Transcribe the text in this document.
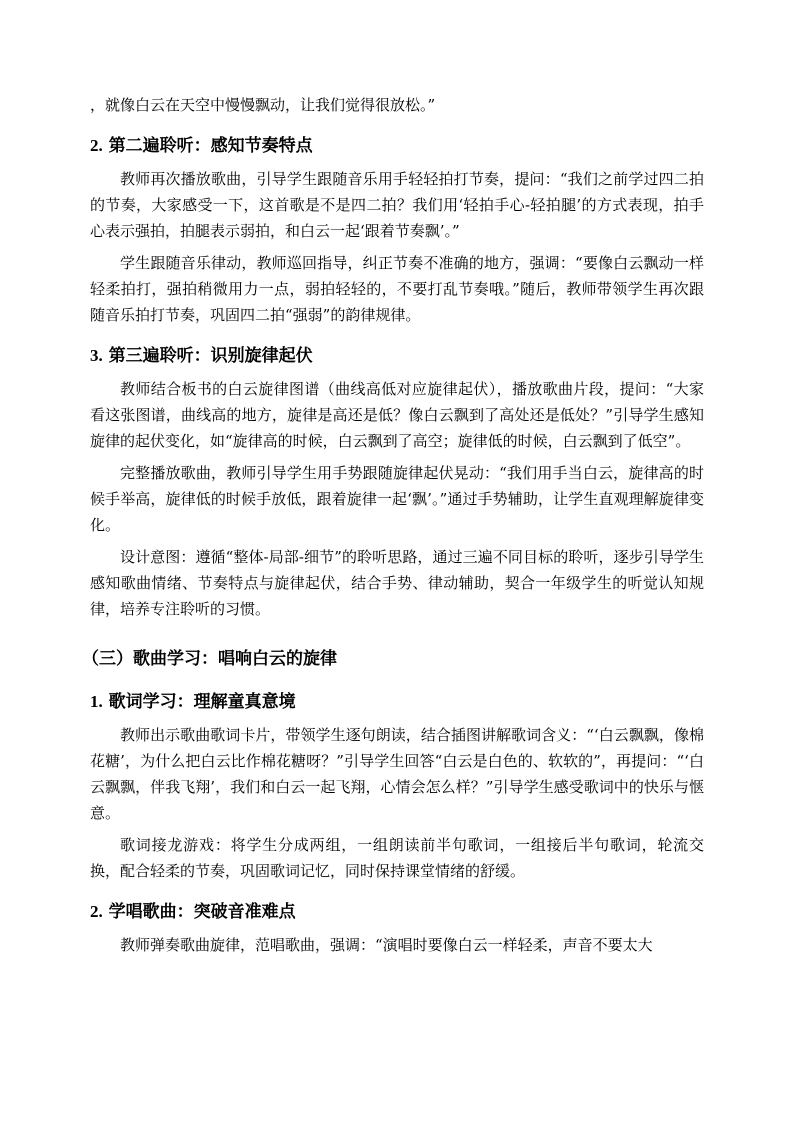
，就像白云在天空中慢慢飘动，让我们觉得很放松。”

2. 第二遍聆听：感知节奏特点

教师再次播放歌曲，引导学生跟随音乐用手轻轻拍打节奏，提问：“我们之前学过四二拍的节奏，大家感受一下，这首歌是不是四二拍？我们用‘轻拍手心-轻拍腿’的方式表现，拍手心表示强拍，拍腿表示弱拍，和白云一起‘跟着节奏飘’。”

学生跟随音乐律动，教师巡回指导，纠正节奏不准确的地方，强调：“要像白云飘动一样轻柔拍打，强拍稍微用力一点，弱拍轻轻的，不要打乱节奏哦。”随后，教师带领学生再次跟随音乐拍打节奏，巩固四二拍“强弱”的韵律规律。

3. 第三遍聆听：识别旋律起伏

教师结合板书的白云旋律图谱（曲线高低对应旋律起伏），播放歌曲片段，提问：“大家看这张图谱，曲线高的地方，旋律是高还是低？像白云飘到了高处还是低处？”引导学生感知旋律的起伏变化，如“旋律高的时候，白云飘到了高空；旋律低的时候，白云飘到了低空”。

完整播放歌曲，教师引导学生用手势跟随旋律起伏晃动：“我们用手当白云，旋律高的时候手举高，旋律低的时候手放低，跟着旋律一起‘飘’。”通过手势辅助，让学生直观理解旋律变化。

设计意图：遵循“整体-局部-细节”的聆听思路，通过三遍不同目标的聆听，逐步引导学生感知歌曲情绪、节奏特点与旋律起伏，结合手势、律动辅助，契合一年级学生的听觉认知规律，培养专注聆听的习惯。

（三）歌曲学习：唱响白云的旋律
1. 歌词学习：理解童真意境

教师出示歌曲歌词卡片，带领学生逐句朗读，结合插图讲解歌词含义：“‘白云飘飘，像棉花糖’，为什么把白云比作棉花糖呀？”引导学生回答“白云是白色的、软软的”，再提问：“‘白云飘飘，伴我飞翔’，我们和白云一起飞翔，心情会怎么样？”引导学生感受歌词中的快乐与惬意。

歌词接龙游戏：将学生分成两组，一组朗读前半句歌词，一组接后半句歌词，轮流交换，配合轻柔的节奏，巩固歌词记忆，同时保持课堂情绪的舒缓。

2. 学唱歌曲：突破音准难点

教师弹奏歌曲旋律，范唱歌曲，强调：“演唱时要像白云一样轻柔，声音不要太大
